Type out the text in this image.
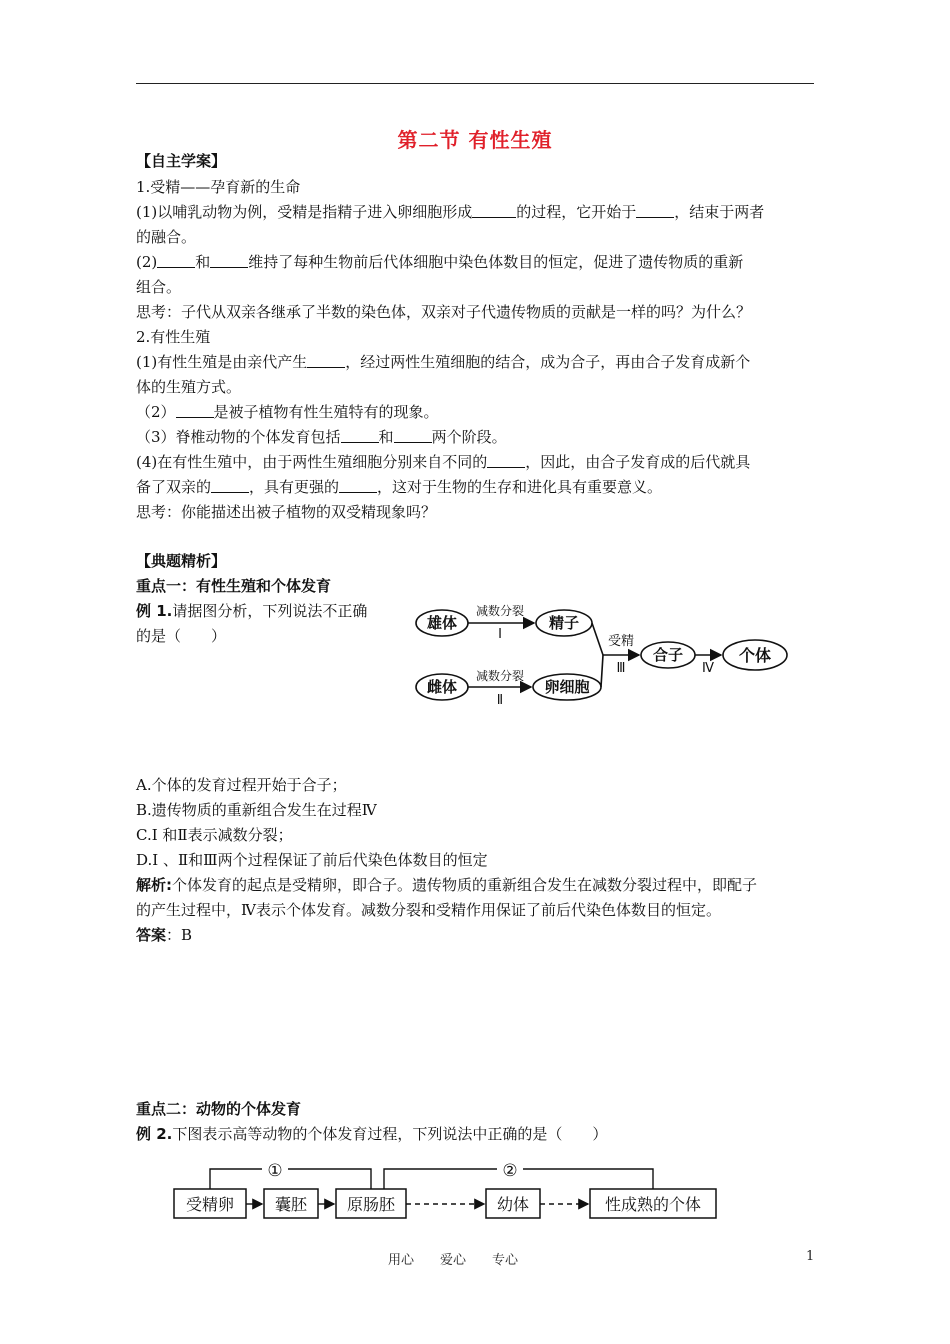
第二节 有性生殖
【自主学案】
1.受精——孕育新的生命
(1)以哺乳动物为例，受精是指精子进入卵细胞形成	的过程，它开始于	，结束于两者
的融合。
(2)	和	维持了每种生物前后代体细胞中染色体数目的恒定，促进了遗传物质的重新
组合。
思考：子代从双亲各继承了半数的染色体，双亲对子代遗传物质的贡献是一样的吗？为什么？
2.有性生殖
(1)有性生殖是由亲代产生	，经过两性生殖细胞的结合，成为合子，再由合子发育成新个
体的生殖方式。
（2）	是被子植物有性生殖特有的现象。
（3）脊椎动物的个体发育包括	和	两个阶段。
(4)在有性生殖中，由于两性生殖细胞分别来自不同的	，因此，由合子发育成的后代就具
备了双亲的	，具有更强的	，这对于生物的生存和进化具有重要意义。
思考：你能描述出被子植物的双受精现象吗？
【典题精析】
重点一：有性生殖和个体发育
例 1.请据图分析，下列说法不正确
的是（　　）
雄体
雌体
精子
卵细胞
合子	个体
减数分裂
Ⅰ
减数分裂
Ⅱ
受精
Ⅲ	Ⅳ
A.个体的发育过程开始于合子；
B.遗传物质的重新组合发生在过程Ⅳ
C.Ⅰ 和Ⅱ表示减数分裂；
D.Ⅰ 、Ⅱ和Ⅲ两个过程保证了前后代染色体数目的恒定
解析:个体发育的起点是受精卵，即合子。遗传物质的重新组合发生在减数分裂过程中，即配子
的产生过程中，Ⅳ表示个体发育。减数分裂和受精作用保证了前后代染色体数目的恒定。
答案：B
重点二：动物的个体发育
例 2.下图表示高等动物的个体发育过程，下列说法中正确的是（　　）
①	②
受精卵	囊胚 原肠胚	幼体	性成熟的个体
用心 爱心 专心	1
